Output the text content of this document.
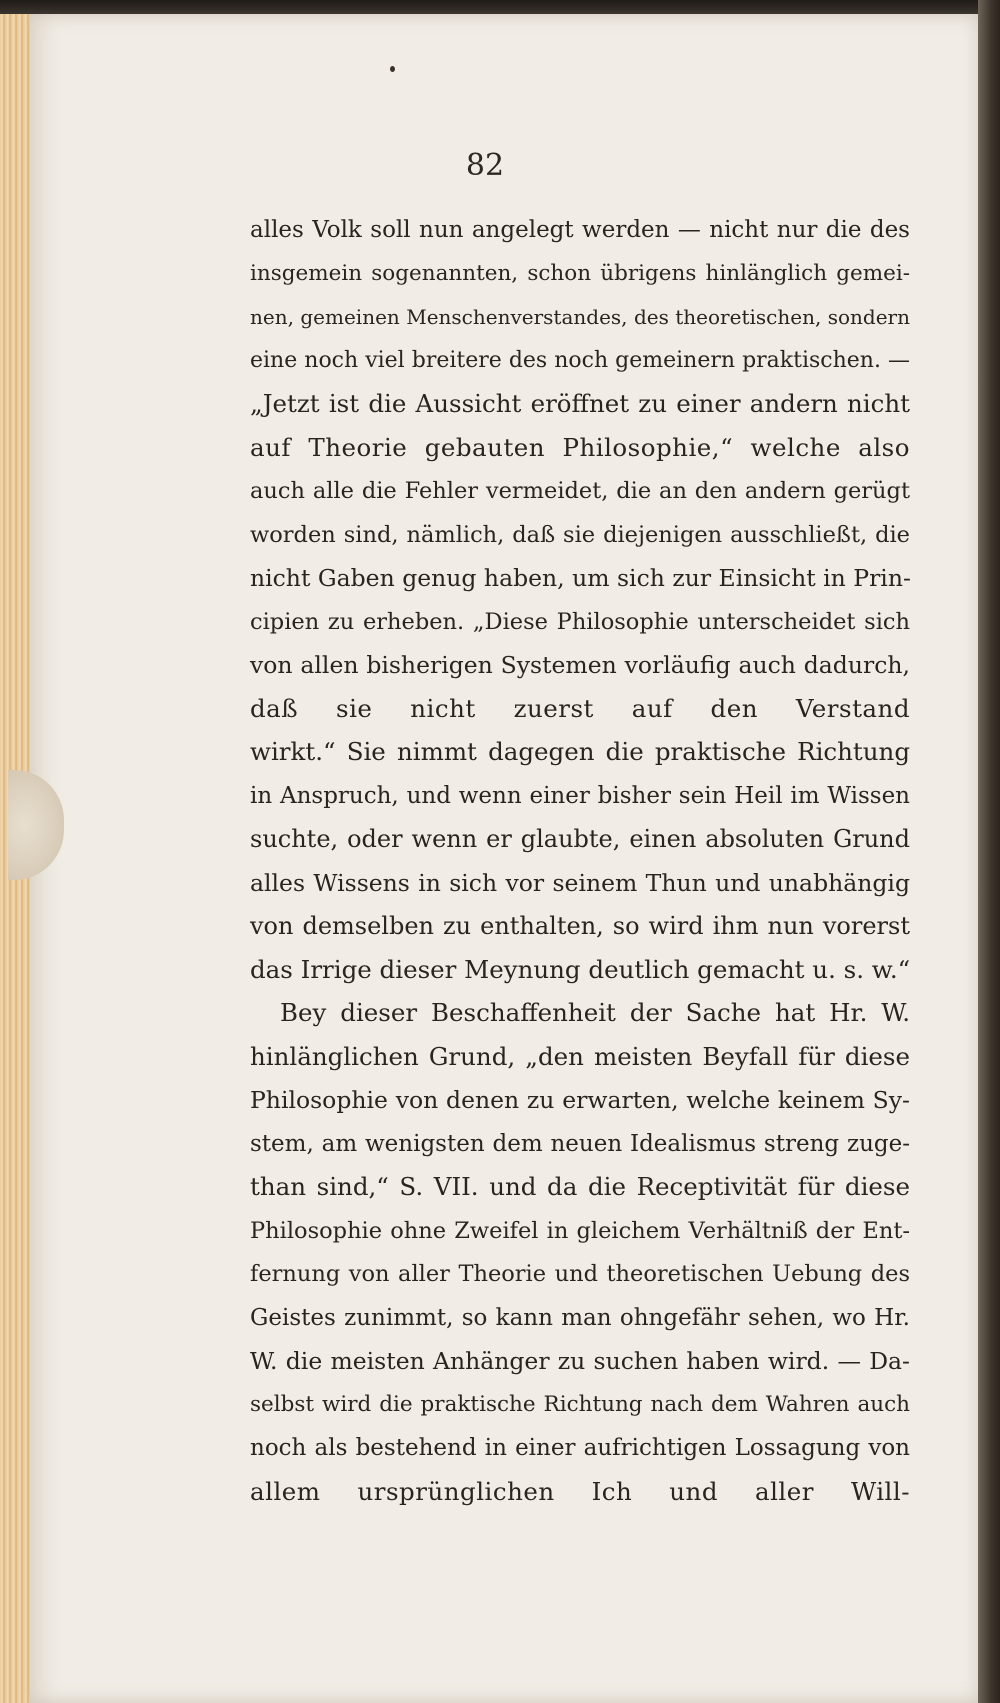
82
alles Volk soll nun angelegt werden — nicht nur die des
insgemein sogenannten, schon übrigens hinlänglich gemei-
nen, gemeinen Menschenverstandes, des theoretischen, sondern
eine noch viel breitere des noch gemeinern praktischen. —
„Jetzt ist die Aussicht eröffnet zu einer andern nicht
auf Theorie gebauten Philosophie,“ welche also
auch alle die Fehler vermeidet, die an den andern gerügt
worden sind, nämlich, daß sie diejenigen ausschließt, die
nicht Gaben genug haben, um sich zur Einsicht in Prin-
cipien zu erheben. „Diese Philosophie unterscheidet sich
von allen bisherigen Systemen vorläufig auch dadurch,
daß sie nicht zuerst auf den Verstand
wirkt.“ Sie nimmt dagegen die praktische Richtung
in Anspruch, und wenn einer bisher sein Heil im Wissen
suchte, oder wenn er glaubte, einen absoluten Grund
alles Wissens in sich vor seinem Thun und unabhängig
von demselben zu enthalten, so wird ihm nun vorerst
das Irrige dieser Meynung deutlich gemacht u. s. w.“
Bey dieser Beschaffenheit der Sache hat Hr. W.
hinlänglichen Grund, „den meisten Beyfall für diese
Philosophie von denen zu erwarten, welche keinem Sy-
stem, am wenigsten dem neuen Idealismus streng zuge-
than sind,“ S. VII. und da die Receptivität für diese
Philosophie ohne Zweifel in gleichem Verhältniß der Ent-
fernung von aller Theorie und theoretischen Uebung des
Geistes zunimmt, so kann man ohngefähr sehen, wo Hr.
W. die meisten Anhänger zu suchen haben wird. — Da-
selbst wird die praktische Richtung nach dem Wahren auch
noch als bestehend in einer aufrichtigen Lossagung von
allem ursprünglichen Ich und aller Will-
